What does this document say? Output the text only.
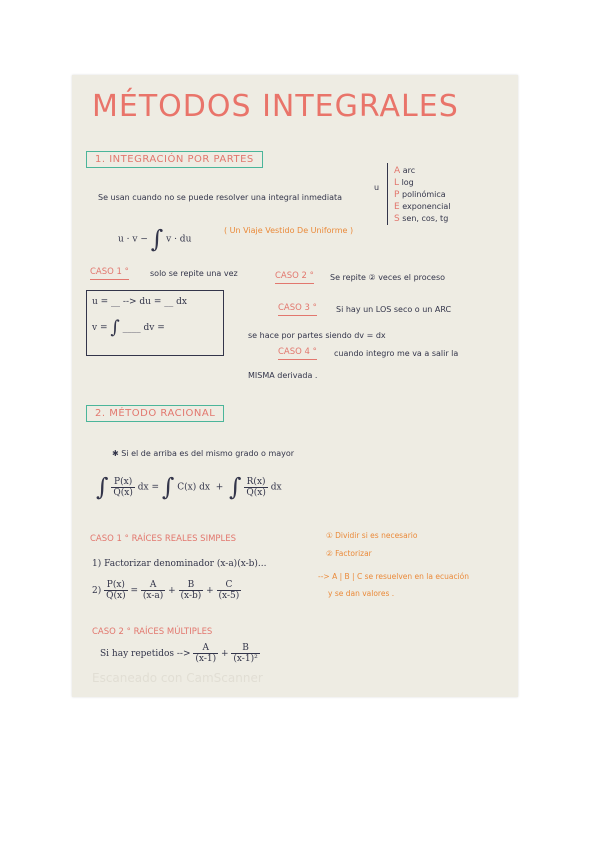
MÉTODOS INTEGRALES
1. INTEGRACIÓN POR PARTES
Se usan cuando no se puede resolver una integral inmediata
u · v − ∫ v · du
( Un Viaje Vestido De Uniforme )
u
A arc
L log
P polinómica
E exponencial
S sen, cos, tg
CASO 1 °	solo se repite una vez
u = __ --> du = __ dx
v = ∫ ____ dv =
CASO 2 ° Se repite ② veces el proceso
CASO 3 ° Si hay un LOS seco o un ARC
se hace por partes siendo dv = dx
CASO 4 ° cuando integro me va a salir la
MISMA derivada .
2. MÉTODO RACIONAL
✱ Si el de arriba es del mismo grado o mayor
∫ $\frac{P(x)}{Q(x)}$ dx = ∫ C(x) dx + ∫ $\frac{R(x)}{Q(x)}$ dx
CASO 1 ° RAÍCES REALES SIMPLES
1) Factorizar denominador (x-a)(x-b)...
$2) \frac{P(x)}{Q(x)} = \frac{A}{(x-a)} + \frac{B}{(x-b)} + \frac{C}{(x-5)}$
① Dividir si es necesario
② Factorizar
--> A | B | C se resuelven en la ecuación
y se dan valores .
CASO 2 ° RAÍCES MÚLTIPLES
Si hay repetidos --> $\frac{A}{(x-1)} + \frac{B}{\text{(x-1)²}}$
Escaneado con CamScanner
